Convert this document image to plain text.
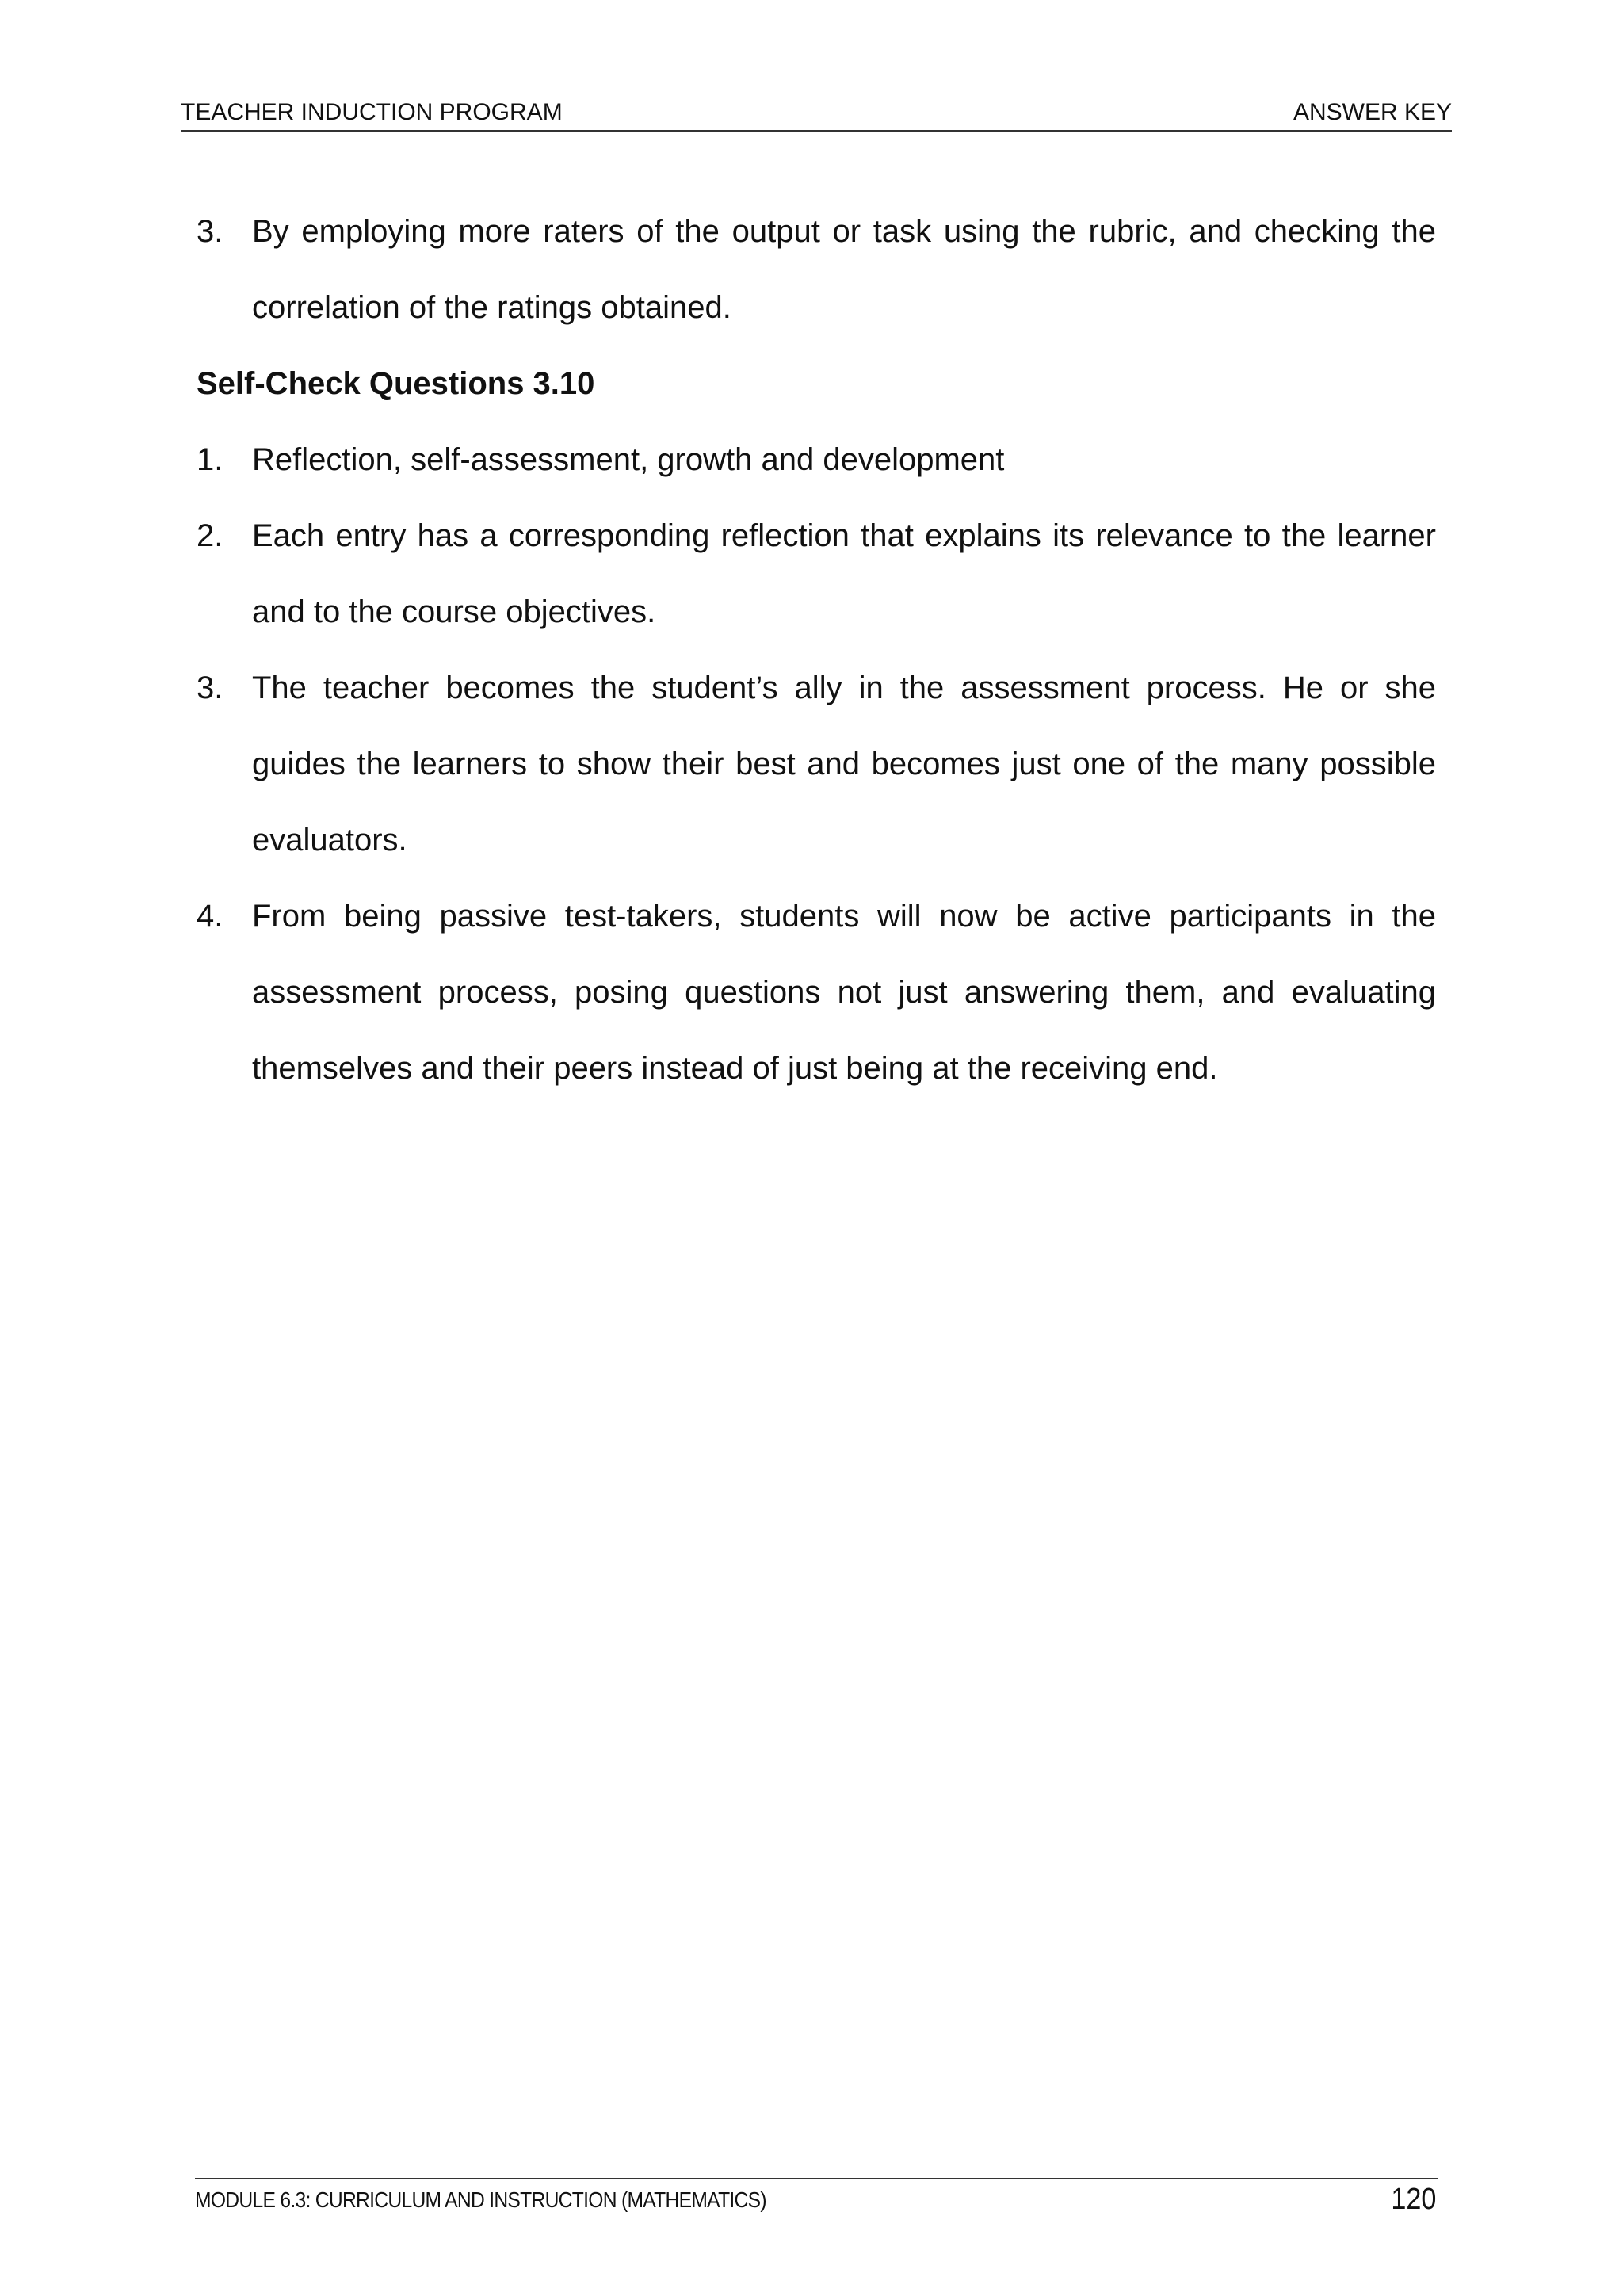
TEACHER INDUCTION PROGRAM	ANSWER KEY
3. By employing more raters of the output or task using the rubric, and checking the correlation of the ratings obtained.
Self-Check Questions 3.10
1. Reflection, self-assessment, growth and development
2. Each entry has a corresponding reflection that explains its relevance to the learner and to the course objectives.
3. The teacher becomes the student’s ally in the assessment process. He or she guides the learners to show their best and becomes just one of the many possible evaluators.
4. From being passive test-takers, students will now be active participants in the assessment process, posing questions not just answering them, and evaluating themselves and their peers instead of just being at the receiving end.
MODULE 6.3: CURRICULUM AND INSTRUCTION (MATHEMATICS)	120
